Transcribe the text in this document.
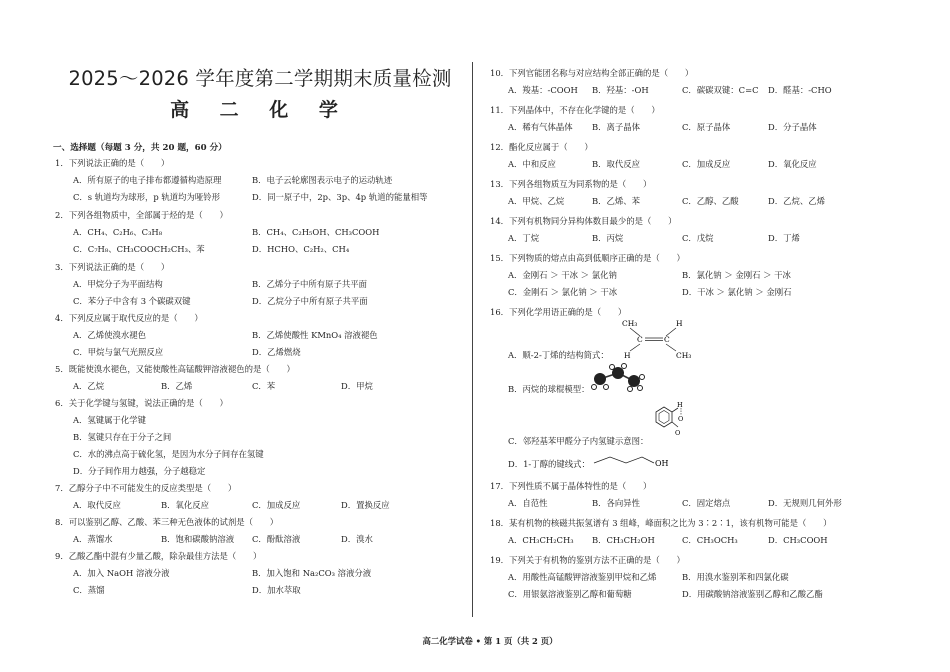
2025～2026 学年度第二学期期末质量检测
高 二 化 学
一、选择题（每题 3 分，共 20 题，60 分）
1．下列说法正确的是（　　）
A．所有原子的电子排布都遵循构造原理	B．电子云轮廓图表示电子的运动轨迹
C．s 轨道均为球形，p 轨道均为哑铃形	D．同一原子中，2p、3p、4p 轨道的能量相等
2．下列各组物质中，全部属于烃的是（　　）
A．CH₄、C₂H₆、C₃H₈	B．CH₄、C₂H₅OH、CH₃COOH
C．C₇H₈、CH₃COOCH₂CH₃、苯	D．HCHO、C₂H₂、CH₄
3．下列说法正确的是（　　）
A．甲烷分子为平面结构	B．乙烯分子中所有原子共平面
C．苯分子中含有 3 个碳碳双键	D．乙烷分子中所有原子共平面
4．下列反应属于取代反应的是（　　）
A．乙烯使溴水褪色	B．乙烯使酸性 KMnO₄ 溶液褪色
C．甲烷与氯气光照反应	D．乙烯燃烧
5．既能使溴水褪色，又能使酸性高锰酸钾溶液褪色的是（　　）
A．乙烷	B．乙烯	C．苯	D．甲烷
6．关于化学键与氢键，说法正确的是（　　）
A．氢键属于化学键
B．氢键只存在于分子之间
C．水的沸点高于硫化氢，是因为水分子间存在氢键
D．分子间作用力越强，分子越稳定
7．乙醇分子中不可能发生的反应类型是（　　）
A．取代反应	B．氧化反应	C．加成反应	D．置换反应
8．可以鉴别乙醇、乙酸、苯三种无色液体的试剂是（　　）
A．蒸馏水	B．饱和碳酸钠溶液 C．酚酞溶液	D．溴水
9．乙酸乙酯中混有少量乙酸，除杂最佳方法是（　　）
A．加入 NaOH 溶液分液	B．加入饱和 Na₂CO₃ 溶液分液
C．蒸馏	D．加水萃取
10．下列官能团名称与对应结构全部正确的是（　　）
A．羧基：-COOH B．羟基：-OH	C．碳碳双键：C=C D．醛基：-CHO
11．下列晶体中，不存在化学键的是（　　）
A．稀有气体晶体 B．离子晶体	C．原子晶体	D．分子晶体
12．酯化反应属于（　　）
A．中和反应	B．取代反应	C．加成反应	D．氧化反应
13．下列各组物质互为同系物的是（　　）
A．甲烷、乙烷	B．乙烯、苯	C．乙醇、乙酸	D．乙烷、乙烯
14．下列有机物同分异构体数目最少的是（　　）
A．丁烷	B．丙烷	C．戊烷	D．丁烯
15．下列物质的熔点由高到低顺序正确的是（　　）
A．金刚石 ＞ 干冰 ＞ 氯化钠	B．氯化钠 ＞ 金刚石 ＞ 干冰
C．金刚石 ＞ 氯化钠 ＞ 干冰	D．干冰 ＞ 氯化钠 ＞ 金刚石
16．下列化学用语正确的是（　　）
A．顺-2-丁烯的结构简式：
B．丙烷的球棍模型：
C．邻羟基苯甲醛分子内氢键示意图：
D．1-丁醇的键线式：
17．下列性质不属于晶体特性的是（　　）
A．自范性	B．各向异性	C．固定熔点	D．无规则几何外形
18．某有机物的核磁共振氢谱有 3 组峰，峰面积之比为 3∶2∶1，该有机物可能是（　　）
A．CH₃CH₂CH₃ B．CH₃CH₂OH	C．CH₃OCH₃	D．CH₃COOH
19．下列关于有机物的鉴别方法不正确的是（　　）
A．用酸性高锰酸钾溶液鉴别甲烷和乙烯	B．用溴水鉴别苯和四氯化碳
C．用银氨溶液鉴别乙醇和葡萄糖	D．用碳酸钠溶液鉴别乙醇和乙酸乙酯
CH₃	H
C	C
H	CH₃
H
O
O
OH
高二化学试卷 • 第 1 页（共 2 页）
